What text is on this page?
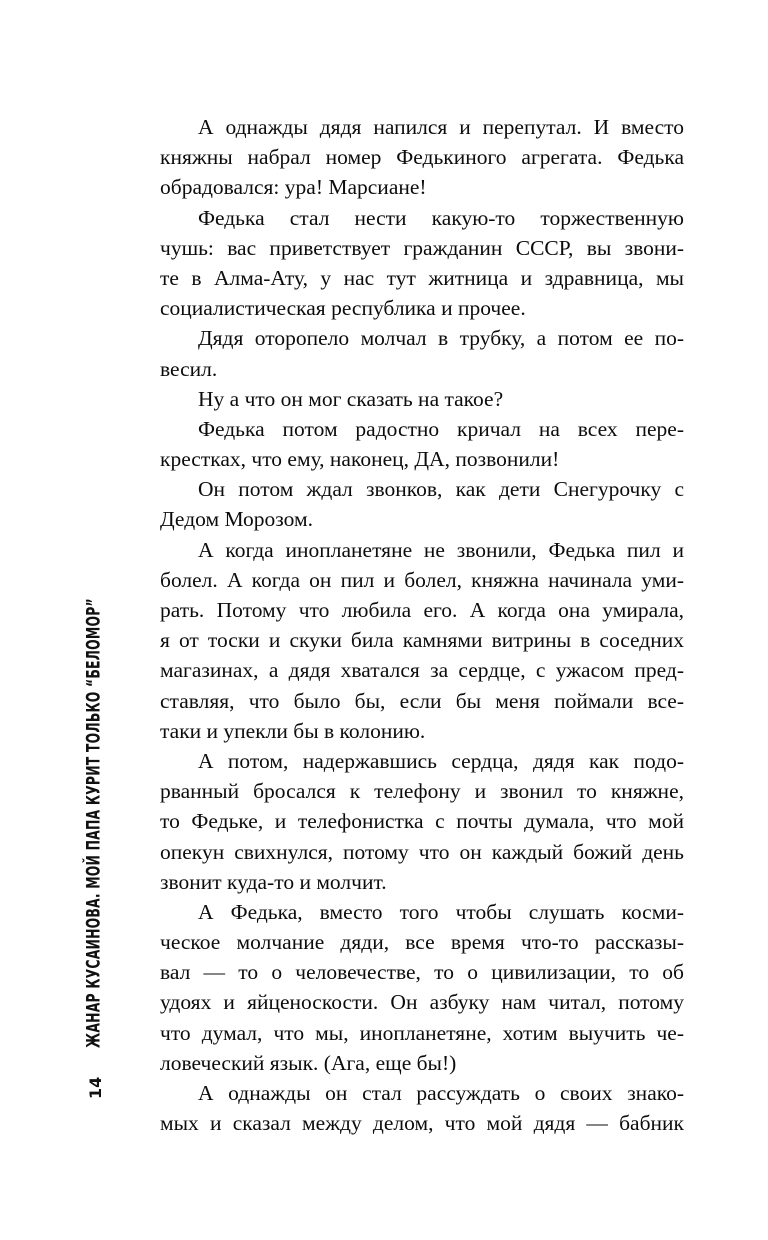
ЖАНАР КУСАИНОВА. МОЙ ПАПА КУРИТ ТОЛЬКО “БЕЛОМОР”
14
А однажды дядя напился и перепутал. И вместо
княжны набрал номер Федькиного агрегата. Федька
обрадовался: ура! Марсиане!
Федька стал нести какую-то торжественную
чушь: вас приветствует гражданин СССР, вы звони-
те в Алма-Ату, у нас тут житница и здравница, мы
социалистическая республика и прочее.
Дядя оторопело молчал в трубку, а потом ее по-
весил.
Ну а что он мог сказать на такое?
Федька потом радостно кричал на всех пере-
крестках, что ему, наконец, ДА, позвонили!
Он потом ждал звонков, как дети Снегурочку с
Дедом Морозом.
А когда инопланетяне не звонили, Федька пил и
болел. А когда он пил и болел, княжна начинала уми-
рать. Потому что любила его. А когда она умирала,
я от тоски и скуки била камнями витрины в соседних
магазинах, а дядя хватался за сердце, с ужасом пред-
ставляя, что было бы, если бы меня поймали все-
таки и упекли бы в колонию.
А потом, надержавшись сердца, дядя как подо-
рванный бросался к телефону и звонил то княжне,
то Федьке, и телефонистка с почты думала, что мой
опекун свихнулся, потому что он каждый божий день
звонит куда-то и молчит.
А Федька, вместо того чтобы слушать косми-
ческое молчание дяди, все время что-то рассказы-
вал — то о человечестве, то о цивилизации, то об
удоях и яйценоскости. Он азбуку нам читал, потому
что думал, что мы, инопланетяне, хотим выучить че-
ловеческий язык. (Ага, еще бы!)
А однажды он стал рассуждать о своих знако-
мых и сказал между делом, что мой дядя — бабник
